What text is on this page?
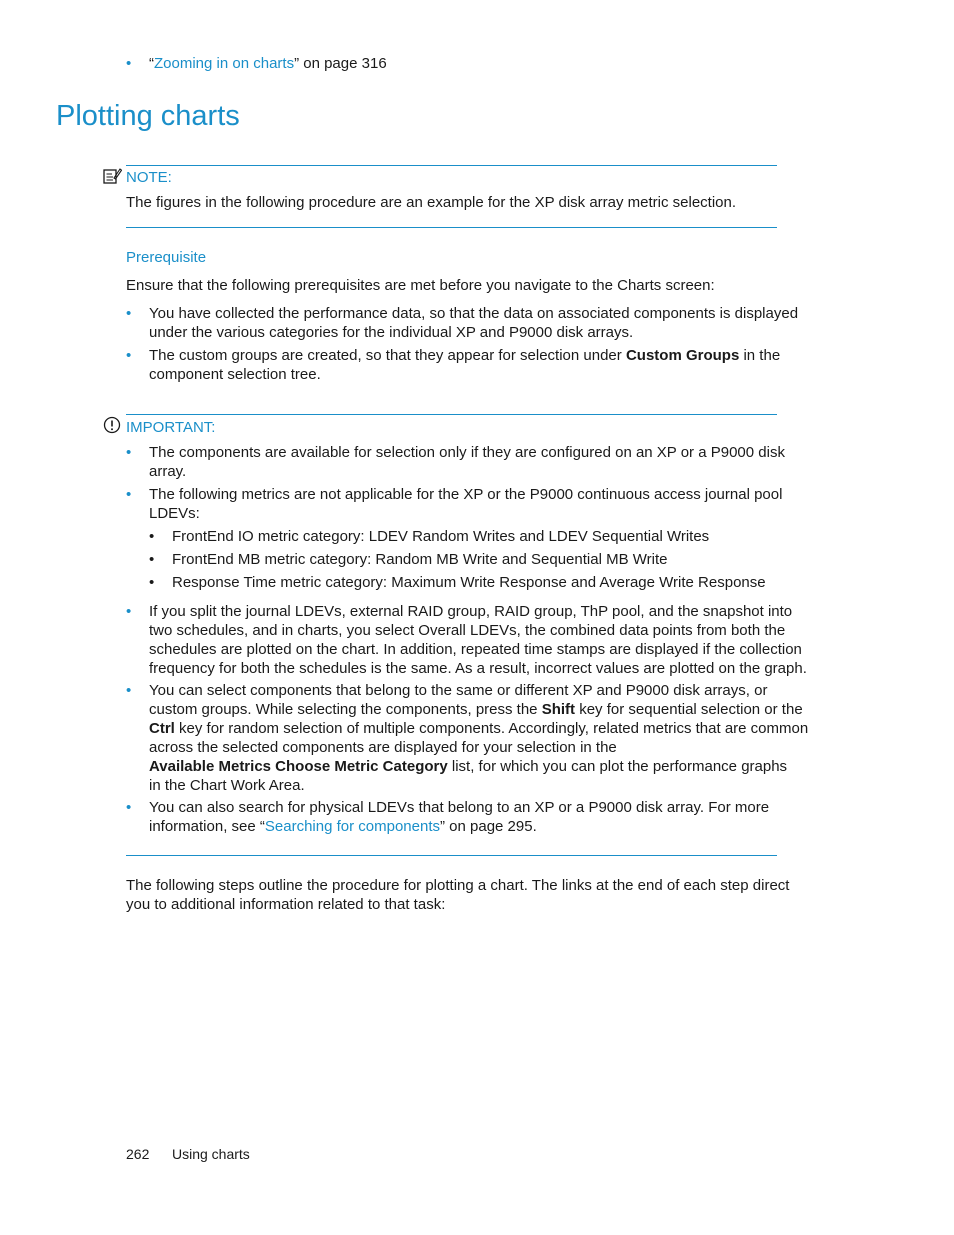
• “Zooming in on charts” on page 316
Plotting charts
NOTE:
The figures in the following procedure are an example for the XP disk array metric selection.
Prerequisite
Ensure that the following prerequisites are met before you navigate to the Charts screen:
• You have collected the performance data, so that the data on associated components is displayed
under the various categories for the individual XP and P9000 disk arrays.
• The custom groups are created, so that they appear for selection under Custom Groups in the
component selection tree.
IMPORTANT:
• The components are available for selection only if they are configured on an XP or a P9000 disk
array.
• The following metrics are not applicable for the XP or the P9000 continuous access journal pool
LDEVs:
• FrontEnd IO metric category: LDEV Random Writes and LDEV Sequential Writes
• FrontEnd MB metric category: Random MB Write and Sequential MB Write
• Response Time metric category: Maximum Write Response and Average Write Response
• If you split the journal LDEVs, external RAID group, RAID group, ThP pool, and the snapshot into
two schedules, and in charts, you select Overall LDEVs, the combined data points from both the
schedules are plotted on the chart. In addition, repeated time stamps are displayed if the collection
frequency for both the schedules is the same. As a result, incorrect values are plotted on the graph.
• You can select components that belong to the same or different XP and P9000 disk arrays, or
custom groups. While selecting the components, press the Shift key for sequential selection or the
Ctrl key for random selection of multiple components. Accordingly, related metrics that are common
across the selected components are displayed for your selection in the
Available Metrics Choose Metric Category list, for which you can plot the performance graphs
in the Chart Work Area.
• You can also search for physical LDEVs that belong to an XP or a P9000 disk array. For more
information, see “Searching for components” on page 295.
The following steps outline the procedure for plotting a chart. The links at the end of each step direct
you to additional information related to that task:
262 Using charts
